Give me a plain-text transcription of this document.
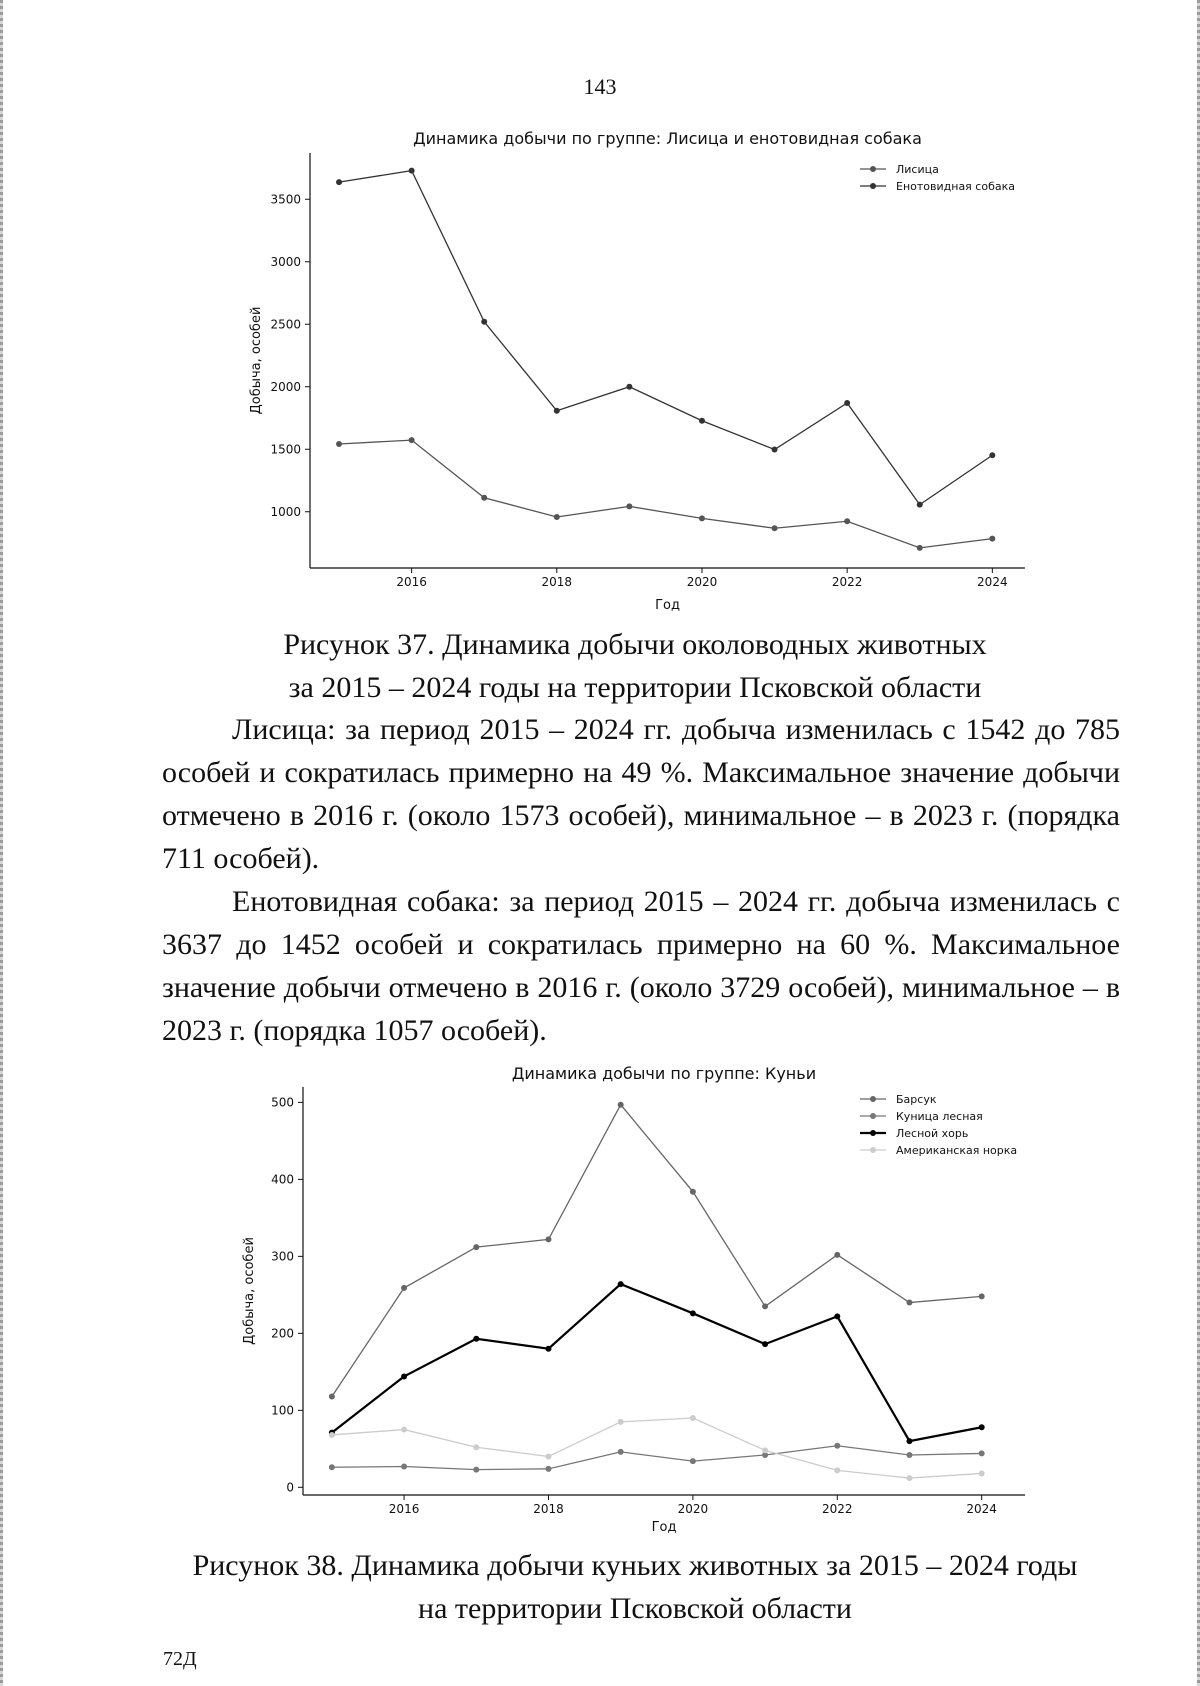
143
Динамика добычи по группе: Лисица и енотовидная собака
1000
1500
2000
2500
3000
3500
2016	2018	2020	2022	2024
Год
Добыча, особей
Лисица
Енотовидная собака
Рисунок 37. Динамика добычи околоводных животных
за 2015 – 2024 годы на территории Псковской области

Лисица: за период 2015 – 2024 гг. добыча изменилась с 1542 до 785 особей и сократилась примерно на 49 %. Максимальное значение добычи отмечено в 2016 г. (около 1573 особей), минимальное – в 2023 г. (порядка 711 особей).

Енотовидная собака: за период 2015 – 2024 гг. добыча изменилась с 3637 до 1452 особей и сократилась примерно на 60 %. Максимальное значение добычи отмечено в 2016 г. (около 3729 особей), минимальное – в 2023 г. (порядка 1057 особей).

Динамика добычи по группе: Куньи
0
100
200
300
400
500
2016	2018	2020	2022	2024
Год
Добыча, особей
Барсук
Куница лесная
Лесной хорь
Американская норка
Рисунок 38. Динамика добычи куньих животных за 2015 – 2024 годы
на территории Псковской области
72Д
